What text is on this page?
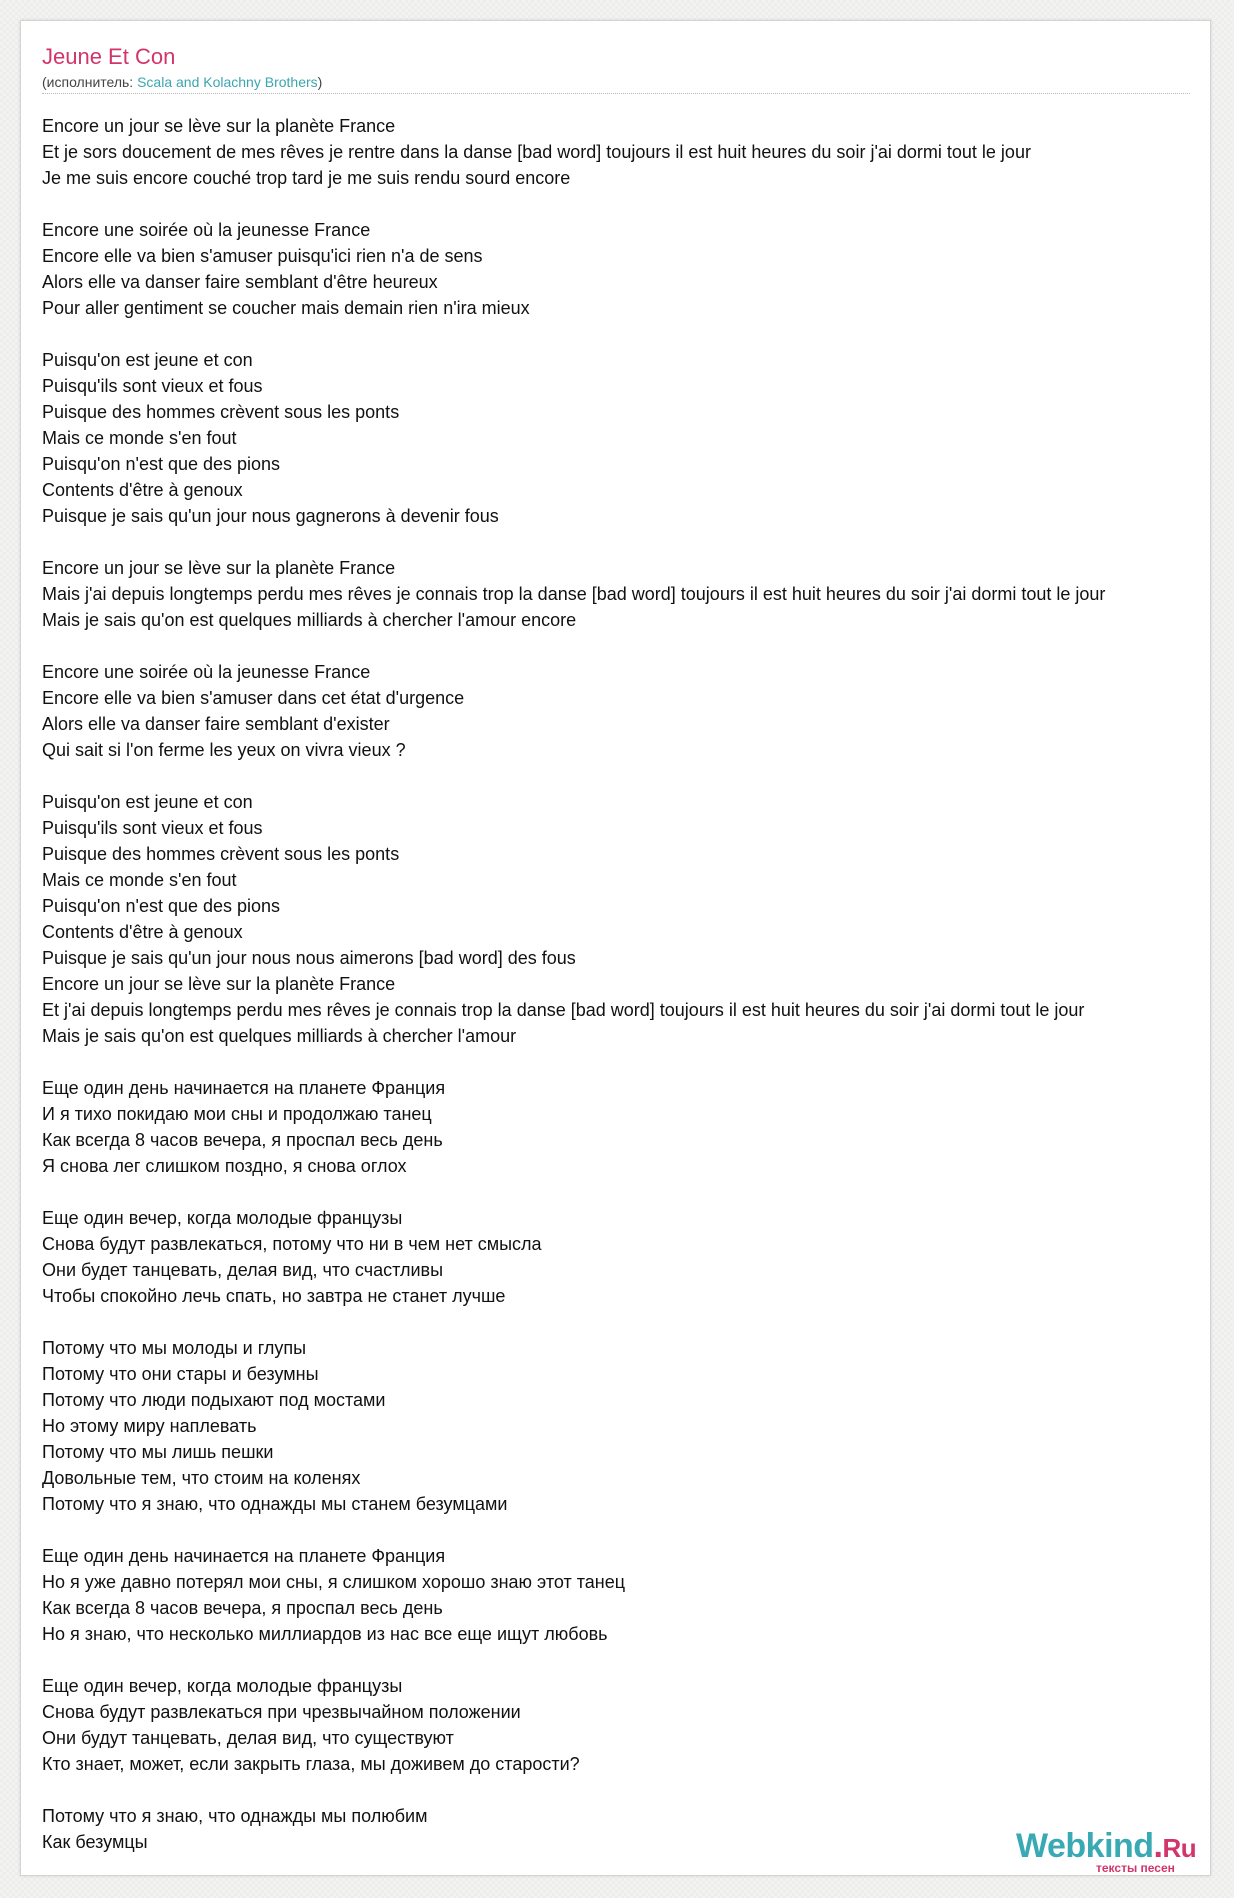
Jeune Et Con
(исполнитель: Scala and Kolachny Brothers)
Encore un jour se lève sur la planète France
Et je sors doucement de mes rêves je rentre dans la danse [bad word] toujours il est huit heures du soir j'ai dormi tout le jour
Je me suis encore couché trop tard je me suis rendu sourd encore
Encore une soirée où la jeunesse France
Encore elle va bien s'amuser puisqu'ici rien n'a de sens
Alors elle va danser faire semblant d'être heureux
Pour aller gentiment se coucher mais demain rien n'ira mieux
Puisqu'on est jeune et con
Puisqu'ils sont vieux et fous
Puisque des hommes crèvent sous les ponts
Mais ce monde s'en fout
Puisqu'on n'est que des pions
Contents d'être à genoux
Puisque je sais qu'un jour nous gagnerons à devenir fous
Encore un jour se lève sur la planète France
Mais j'ai depuis longtemps perdu mes rêves je connais trop la danse [bad word] toujours il est huit heures du soir j'ai dormi tout le jour
Mais je sais qu'on est quelques milliards à chercher l'amour encore
Encore une soirée où la jeunesse France
Encore elle va bien s'amuser dans cet état d'urgence
Alors elle va danser faire semblant d'exister
Qui sait si l'on ferme les yeux on vivra vieux ?
Puisqu'on est jeune et con
Puisqu'ils sont vieux et fous
Puisque des hommes crèvent sous les ponts
Mais ce monde s'en fout
Puisqu'on n'est que des pions
Contents d'être à genoux
Puisque je sais qu'un jour nous nous aimerons [bad word] des fous
Encore un jour se lève sur la planète France
Et j'ai depuis longtemps perdu mes rêves je connais trop la danse [bad word] toujours il est huit heures du soir j'ai dormi tout le jour
Mais je sais qu'on est quelques milliards à chercher l'amour
Еще один день начинается на планете Франция
И я тихо покидаю мои сны и продолжаю танец
Как всегда 8 часов вечера, я проспал весь день
Я снова лег слишком поздно, я снова оглох
Еще один вечер, когда молодые французы
Снова будут развлекаться, потому что ни в чем нет смысла
Они будет танцевать, делая вид, что счастливы
Чтобы спокойно лечь спать, но завтра не станет лучше
Потому что мы молоды и глупы
Потому что они стары и безумны
Потому что люди подыхают под мостами
Но этому миру наплевать
Потому что мы лишь пешки
Довольные тем, что стоим на коленях
Потому что я знаю, что однажды мы станем безумцами
Еще один день начинается на планете Франция
Но я уже давно потерял мои сны, я слишком хорошо знаю этот танец
Как всегда 8 часов вечера, я проспал весь день
Но я знаю, что несколько миллиардов из нас все еще ищут любовь
Еще один вечер, когда молодые французы
Снова будут развлекаться при чрезвычайном положении
Они будут танцевать, делая вид, что существуют
Кто знает, может, если закрыть глаза, мы доживем до старости?
Потому что я знаю, что однажды мы полюбим
Как безумцы	Webkind.Ru
тексты песен
